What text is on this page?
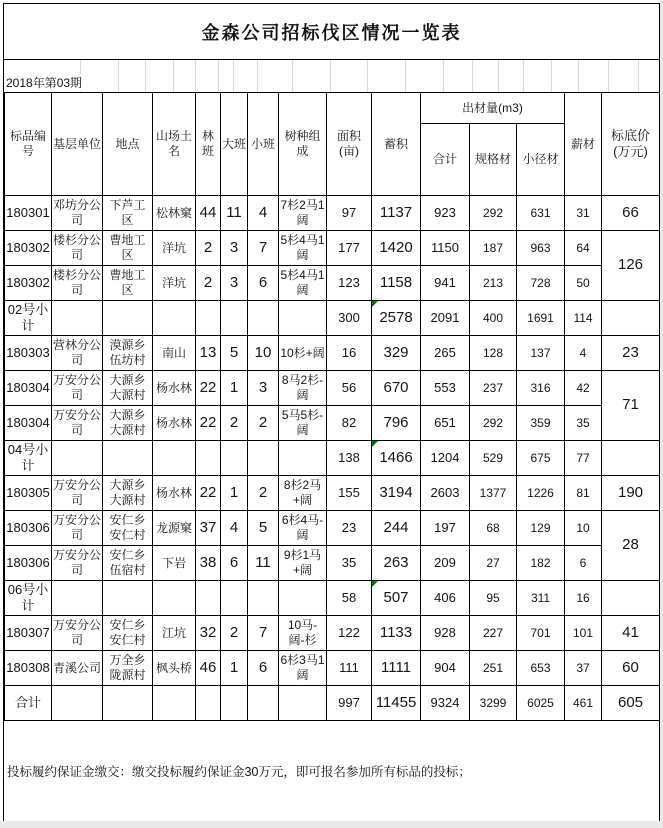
金森公司招标伐区情况一览表
2018年第03期
标品编号	基层单位	地点	山场土名	林班	大班	小班	树种组成	面积(亩)	蓄积	出材量(m3)			薪材	标底价(万元)
										合计	规格材	小径材		
180301	邓坊分公司	下芦工区	松林窠	44	11	4	7杉2马1阔	97	1137	923	292	631	31	66
180302	楼杉分公司	曹地工区	洋坑	2	3	7	5杉4马1阔	177	1420	1150	187	963	64	126
180302	楼杉分公司	曹地工区	洋坑	2	3	6	5杉4马1阔	123	1158	941	213	728	50	
02号小计								300	2578	2091	400	1691	114	
180303	营林分公司	漠源乡伍坊村	南山	13	5	10	10杉+阔	16	329	265	128	137	4	23
180304	万安分公司	大源乡大源村	杨水林	22	1	3	8马2杉-阔	56	670	553	237	316	42	71
180304	万安分公司	大源乡大源村	杨水林	22	2	2	5马5杉-阔	82	796	651	292	359	35	
04号小计								138	1466	1204	529	675	77	
180305	万安分公司	大源乡大源村	杨水林	22	1	2	8杉2马+阔	155	3194	2603	1377	1226	81	190
180306	万安分公司	安仁乡安仁村	龙源窠	37	4	5	6杉4马-阔	23	244	197	68	129	10	28
180306	万安分公司	安仁乡伍宿村	下岩	38	6	11	9杉1马+阔	35	263	209	27	182	6	
06号小计								58	507	406	95	311	16	
180307	万安分公司	安仁乡安仁村	江坑	32	2	7	10马-阔-杉	122	1133	928	227	701	101	41
180308	青溪公司	万全乡陇源村	枫头桥	46	1	6	6杉3马1阔	111	1111	904	251	653	37	60
合计								997	11455	9324	3299	6025	461	605
投标履约保证金缴交：缴交投标履约保证金30万元，即可报名参加所有标品的投标；
